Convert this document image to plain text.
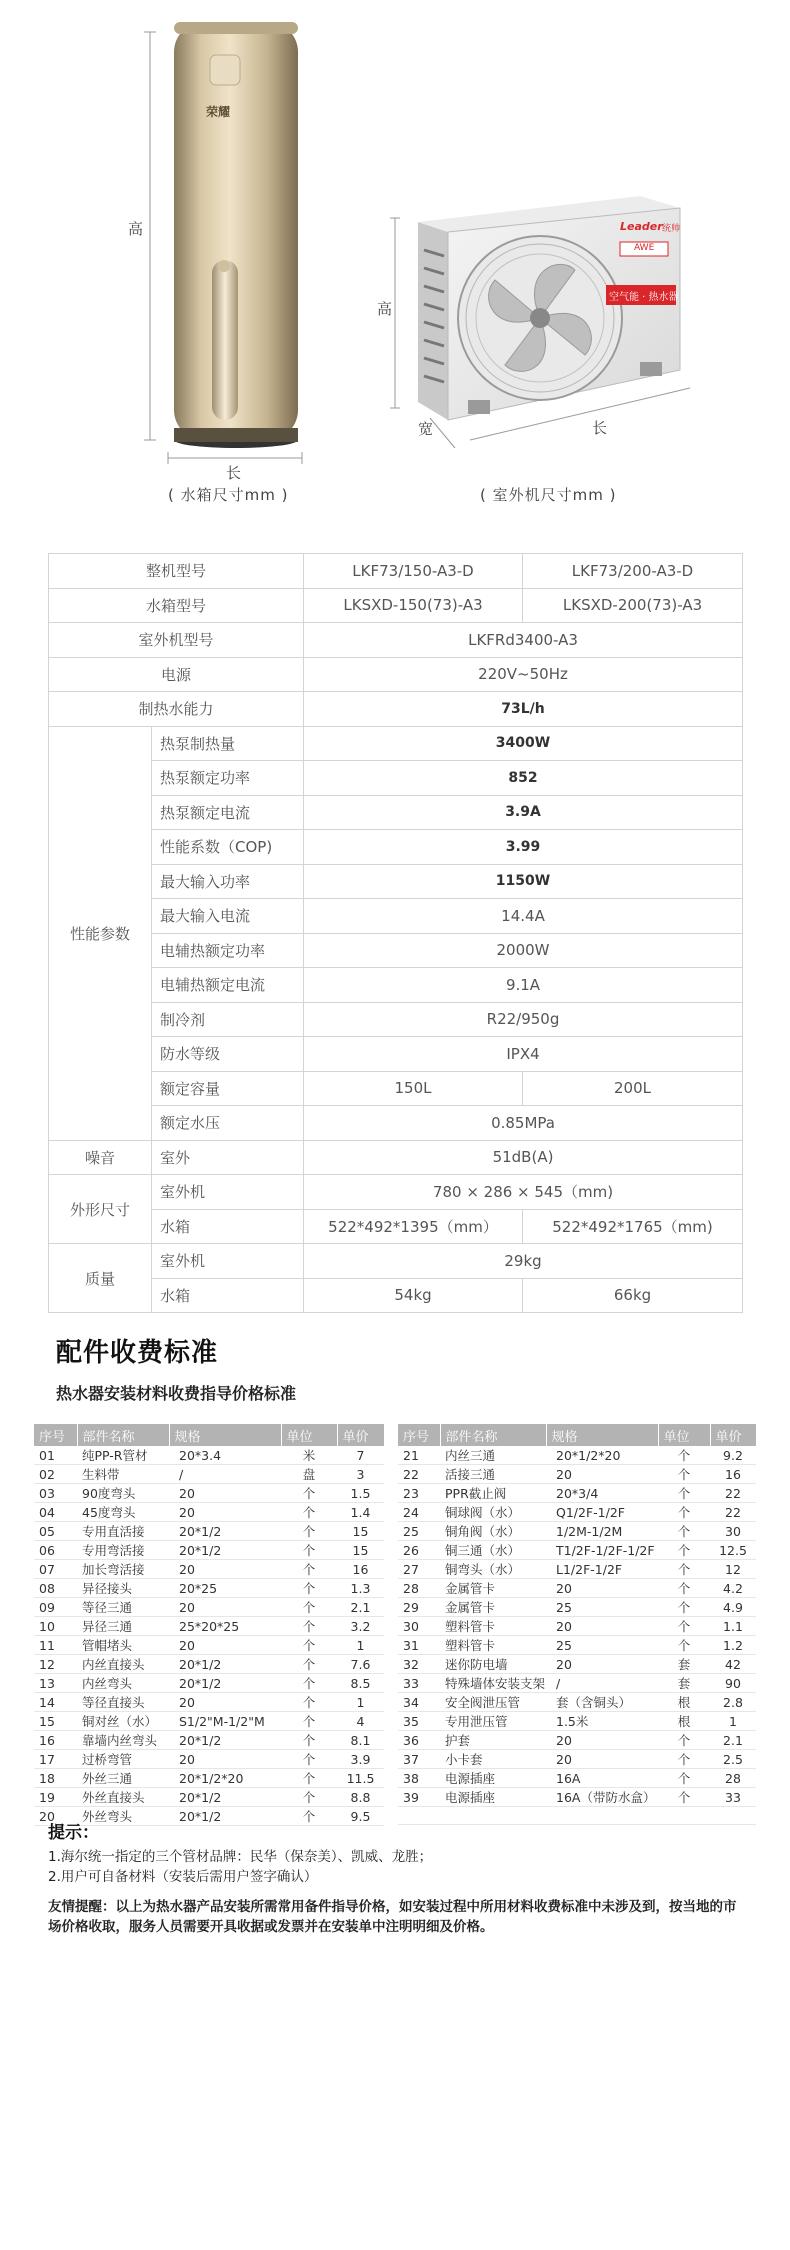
高
长
荣耀
( 水箱尺寸mm )
Leader 统帅
AWE
空气能 · 热水器
高
宽	长
( 室外机尺寸mm )
整机型号		LKF73/150-A3-D	LKF73/200-A3-D
水箱型号		LKSXD-150(73)-A3	LKSXD-200(73)-A3
室外机型号		LKFRd3400-A3	
电源		220V~50Hz	
制热水能力		73L/h	
性能参数	热泵制热量	3400W	
	热泵额定功率	852	
	热泵额定电流	3.9A	
	性能系数（COP)	3.99	
	最大输入功率	1150W	
	最大输入电流	14.4A	
	电辅热额定功率	2000W	
	电辅热额定电流	9.1A	
	制冷剂	R22/950g	
	防水等级	IPX4	
	额定容量	150L	200L
	额定水压	0.85MPa	
噪音	室外	51dB(A)	
外形尺寸	室外机	780 × 286 × 545（mm)	
	水箱	522*492*1395（mm）	522*492*1765（mm)
质量	室外机	29kg	
	水箱	54kg	66kg
配件收费标准
热水器安装材料收费指导价格标准
序号	部件名称	规格	单位	单价
01	纯PP-R管材	20*3.4	米	7
02	生料带	/	盘	3
03	90度弯头	20	个	1.5
04	45度弯头	20	个	1.4
05	专用直活接	20*1/2	个	15
06	专用弯活接	20*1/2	个	15
07	加长弯活接	20	个	16
08	异径接头	20*25	个	1.3
09	等径三通	20	个	2.1
10	异径三通	25*20*25	个	3.2
11	管帽堵头	20	个	1
12	内丝直接头	20*1/2	个	7.6
13	内丝弯头	20*1/2	个	8.5
14	等径直接头	20	个	1
15	铜对丝（水）	S1/2"M-1/2"M	个	4
16	靠墙内丝弯头	20*1/2	个	8.1
17	过桥弯管	20	个	3.9
18	外丝三通	20*1/2*20	个	11.5
19	外丝直接头	20*1/2	个	8.8
20	外丝弯头	20*1/2	个	9.5
序号	部件名称	规格	单位	单价
21	内丝三通	20*1/2*20	个	9.2
22	活接三通	20	个	16
23	PPR截止阀	20*3/4	个	22
24	铜球阀（水）	Q1/2F-1/2F	个	22
25	铜角阀（水）	1/2M-1/2M	个	30
26	铜三通（水）	T1/2F-1/2F-1/2F	个	12.5
27	铜弯头（水）	L1/2F-1/2F	个	12
28	金属管卡	20	个	4.2
29	金属管卡	25	个	4.9
30	塑料管卡	20	个	1.1
31	塑料管卡	25	个	1.2
32	迷你防电墙	20	套	42
33	特殊墙体安装支架	/	套	90
34	安全阀泄压管	套（含铜头）	根	2.8
35	专用泄压管	1.5米	根	1
36	护套	20	个	2.1
37	小卡套	20	个	2.5
38	电源插座	16A	个	28
39	电源插座	16A（带防水盒）	个	33

提示：
1.海尔统一指定的三个管材品牌：民华（保奈美）、凯威、龙胜；
2.用户可自备材料（安装后需用户签字确认）
友情提醒：以上为热水器产品安装所需常用备件指导价格，如安装过程中所用材料收费标准中未涉及到，按当地的市场价格收取，服务人员需要开具收据或发票并在安装单中注明明细及价格。
